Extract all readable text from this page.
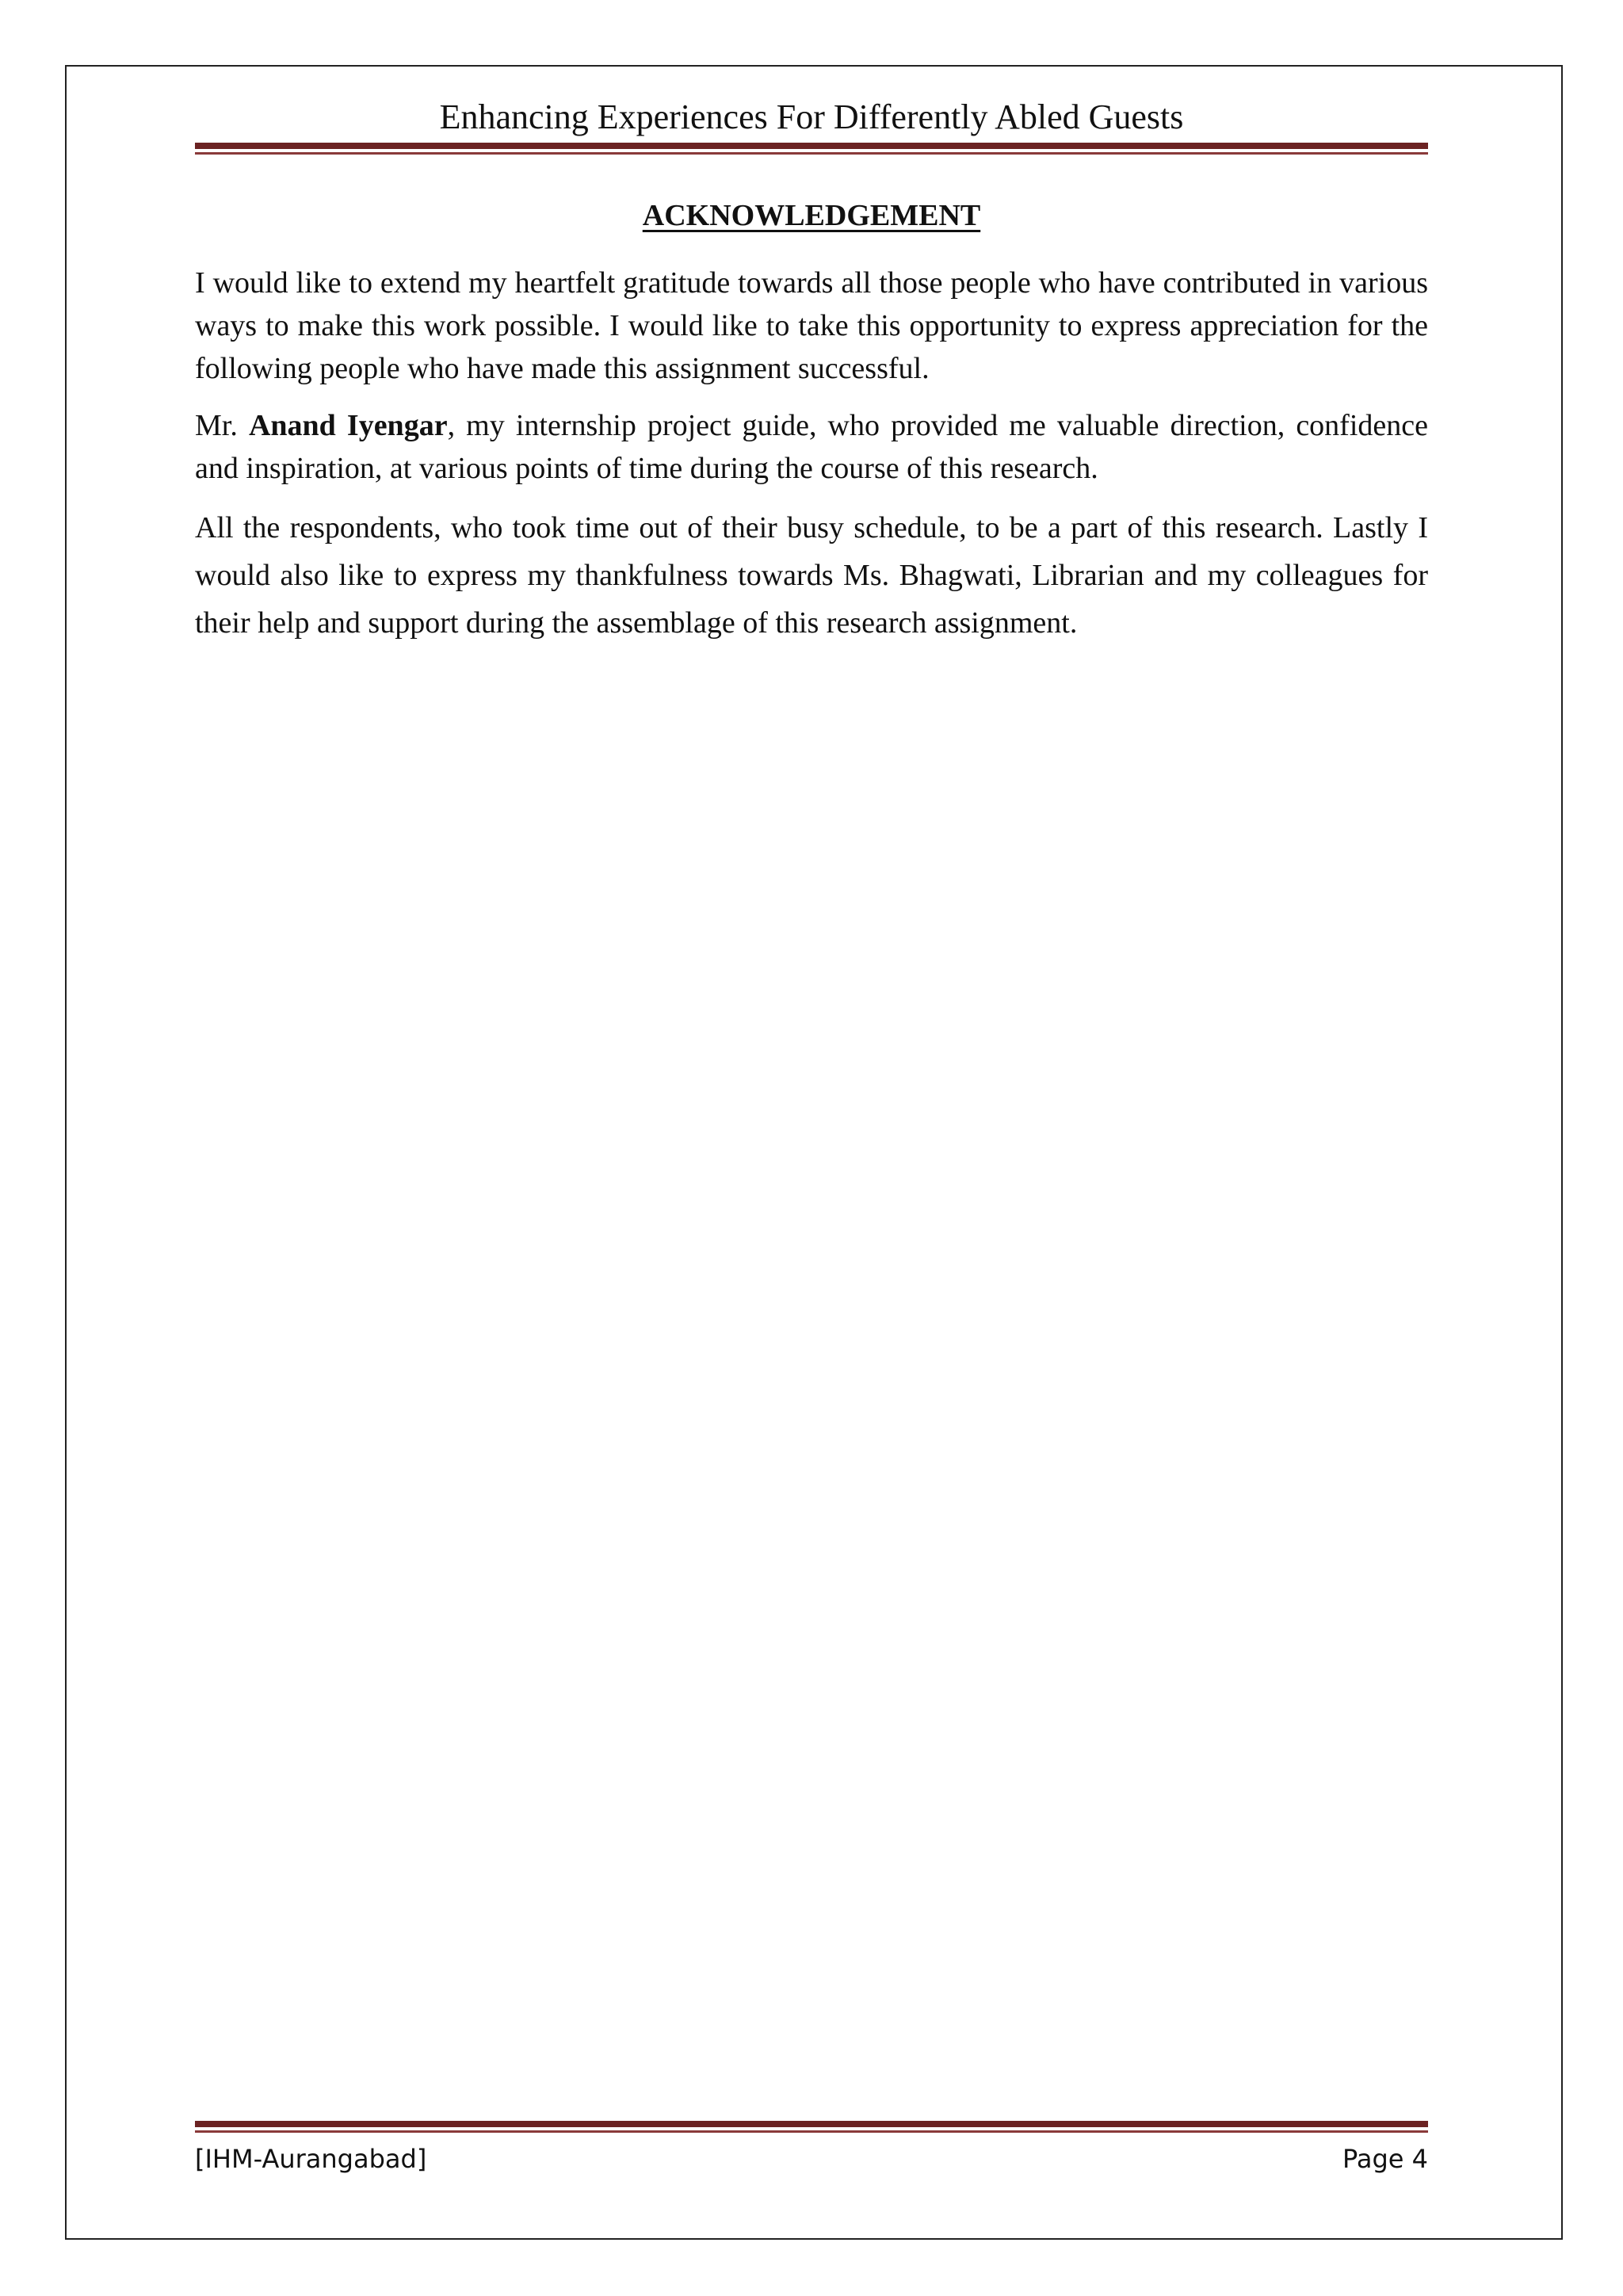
Enhancing Experiences For Differently Abled Guests
ACKNOWLEDGEMENT

I would like to extend my heartfelt gratitude towards all those people who have contributed in various ways to make this work possible. I would like to take this opportunity to express appreciation for the following people who have made this assignment successful.

Mr. Anand Iyengar, my internship project guide, who provided me valuable direction, confidence and inspiration, at various points of time during the course of this research.

All the respondents, who took time out of their busy schedule, to be a part of this research. Lastly I would also like to express my thankfulness towards Ms. Bhagwati, Librarian and my colleagues for their help and support during the assemblage of this research assignment.

[IHM-Aurangabad]	Page 4
